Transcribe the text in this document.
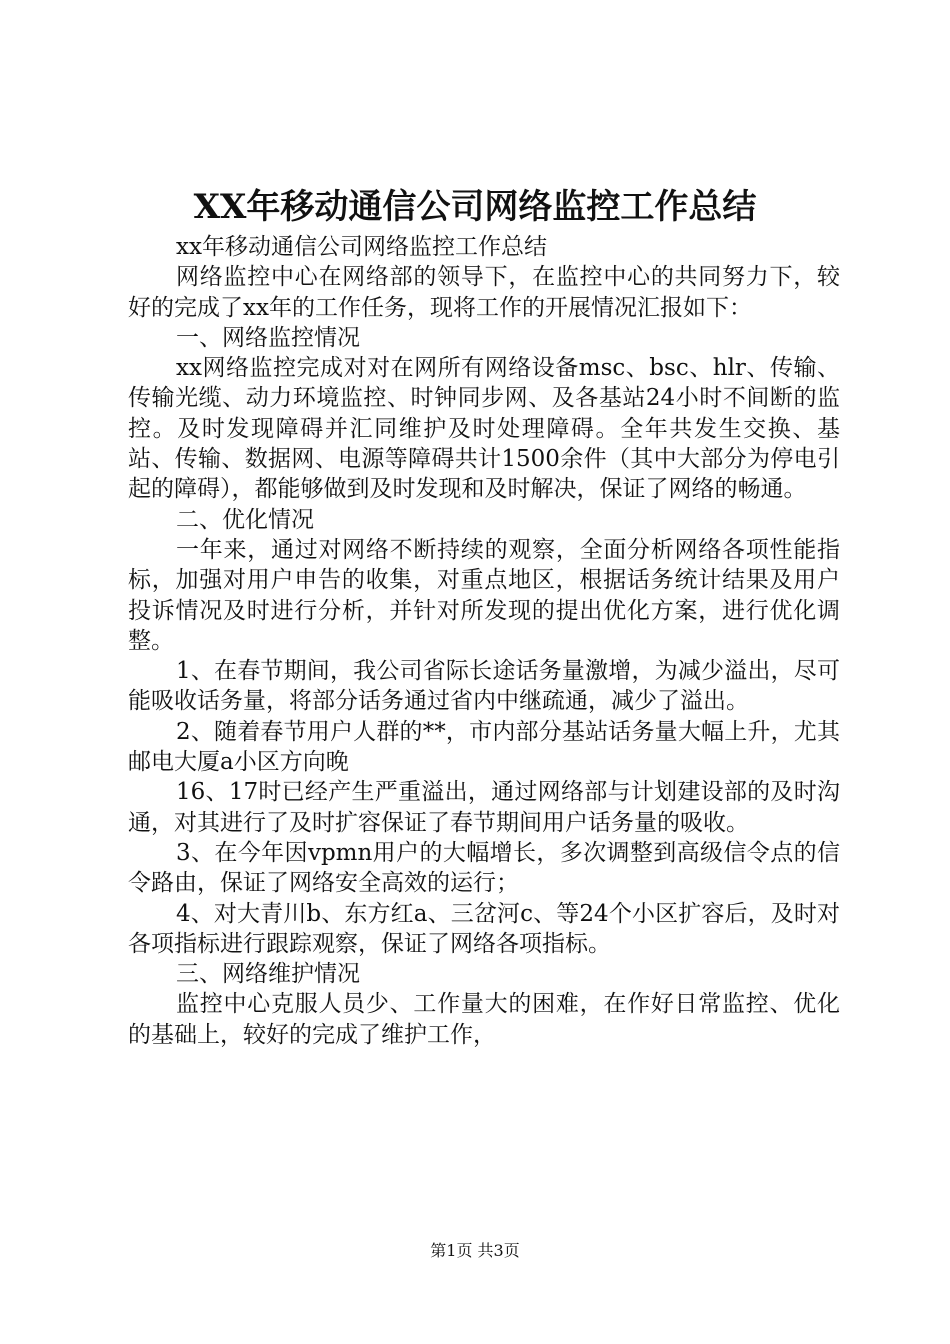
XX年移动通信公司网络监控工作总结

xx年移动通信公司网络监控工作总结

网络监控中心在网络部的领导下，在监控中心的共同努力下，较好的完成了xx年的工作任务，现将工作的开展情况汇报如下：

一、网络监控情况

xx网络监控完成对对在网所有网络设备msc、bsc、hlr、传输、传输光缆、动力环境监控、时钟同步网、及各基站24小时不间断的监控。及时发现障碍并汇同维护及时处理障碍。全年共发生交换、基站、传输、数据网、电源等障碍共计1500余件（其中大部分为停电引起的障碍），都能够做到及时发现和及时解决，保证了网络的畅通。

二、优化情况

一年来，通过对网络不断持续的观察，全面分析网络各项性能指标，加强对用户申告的收集，对重点地区，根据话务统计结果及用户投诉情况及时进行分析，并针对所发现的提出优化方案，进行优化调整。

1、在春节期间，我公司省际长途话务量激增，为减少溢出，尽可能吸收话务量，将部分话务通过省内中继疏通，减少了溢出。

2、随着春节用户人群的**，市内部分基站话务量大幅上升，尤其邮电大厦a小区方向晚

16、17时已经产生严重溢出，通过网络部与计划建设部的及时沟通，对其进行了及时扩容保证了春节期间用户话务量的吸收。

3、在今年因vpmn用户的大幅增长，多次调整到高级信令点的信令路由，保证了网络安全高效的运行；

4、对大青川b、东方红a、三岔河c、等24个小区扩容后，及时对各项指标进行跟踪观察，保证了网络各项指标。

三、网络维护情况

监控中心克服人员少、工作量大的困难，在作好日常监控、优化的基础上，较好的完成了维护工作，

第1页 共3页
